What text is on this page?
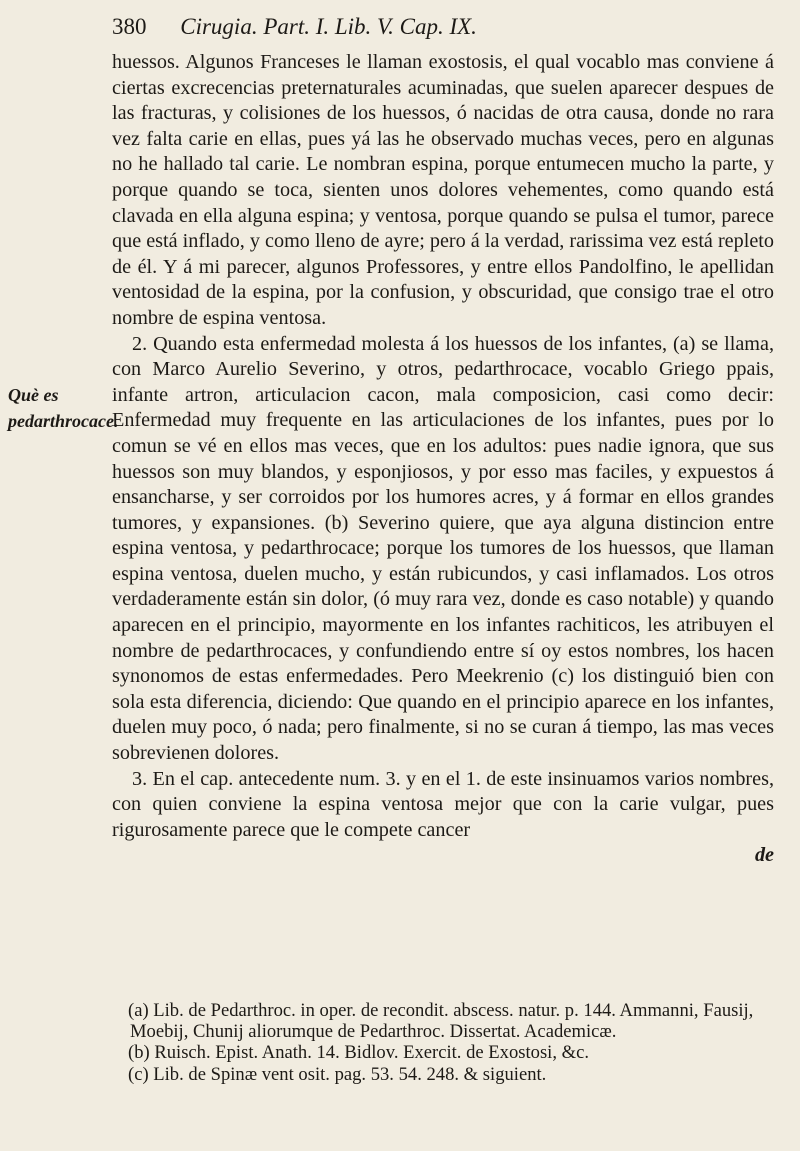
380 Cirugia. Part. I. Lib. V. Cap. IX.
Què es pedarthrocace.

huessos. Algunos Franceses le llaman exostosis, el qual vocablo mas conviene á ciertas excrecencias preternaturales acuminadas, que suelen aparecer despues de las fracturas, y colisiones de los huessos, ó nacidas de otra causa, donde no rara vez falta carie en ellas, pues yá las he observado muchas veces, pero en algunas no he hallado tal carie. Le nombran espina, porque entumecen mucho la parte, y porque quando se toca, sienten unos dolores vehementes, como quando está clavada en ella alguna espina; y ventosa, porque quando se pulsa el tumor, parece que está inflado, y como lleno de ayre; pero á la verdad, rarissima vez está repleto de él. Y á mi parecer, algunos Professores, y entre ellos Pandolfino, le apellidan ventosidad de la espina, por la confusion, y obscuridad, que consigo trae el otro nombre de espina ventosa.

2. Quando esta enfermedad molesta á los huessos de los infantes, (a) se llama, con Marco Aurelio Severino, y otros, pedarthrocace, vocablo Griego ppais, infante artron, articulacion cacon, mala composicion, casi como decir: Enfermedad muy frequente en las articulaciones de los infantes, pues por lo comun se vé en ellos mas veces, que en los adultos: pues nadie ignora, que sus huessos son muy blandos, y esponjiosos, y por esso mas faciles, y expuestos á ensancharse, y ser corroidos por los humores acres, y á formar en ellos grandes tumores, y expansiones. (b) Severino quiere, que aya alguna distincion entre espina ventosa, y pedarthrocace; porque los tumores de los huessos, que llaman espina ventosa, duelen mucho, y están rubicundos, y casi inflamados. Los otros verdaderamente están sin dolor, (ó muy rara vez, donde es caso notable) y quando aparecen en el principio, mayormente en los infantes rachiticos, les atribuyen el nombre de pedarthrocaces, y confundiendo entre sí oy estos nombres, los hacen synonomos de estas enfermedades. Pero Meekrenio (c) los distinguió bien con sola esta diferencia, diciendo: Que quando en el principio aparece en los infantes, duelen muy poco, ó nada; pero finalmente, si no se curan á tiempo, las mas veces sobrevienen dolores.

3. En el cap. antecedente num. 3. y en el 1. de este insinuamos varios nombres, con quien conviene la espina ventosa mejor que con la carie vulgar, pues rigurosamente parece que le compete cancer

de

(a) Lib. de Pedarthroc. in oper. de recondit. abscess. natur. p. 144. Ammanni, Fausij, Moebij, Chunij aliorumque de Pedarthroc. Dissertat. Academicæ.

(b) Ruisch. Epist. Anath. 14. Bidlov. Exercit. de Exostosi, &c.

(c) Lib. de Spinæ vent osit. pag. 53. 54. 248. & siguient.
